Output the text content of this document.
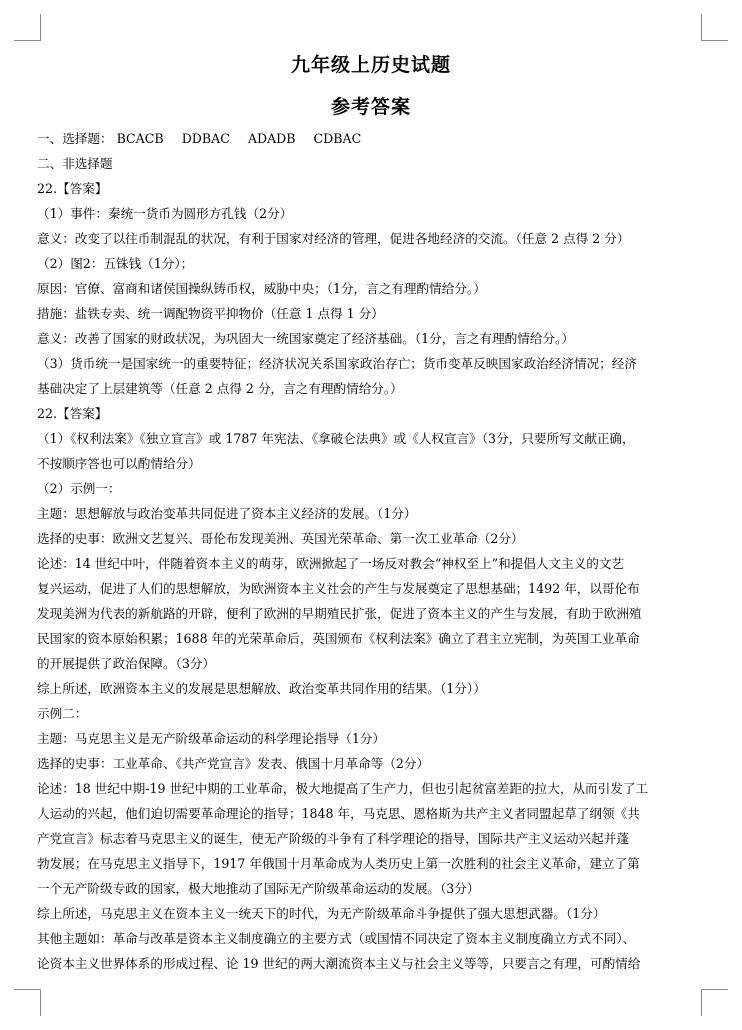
九年级上历史试题
参考答案
一、选择题： BCACB DDBAC ADADB CDBAC
二、非选择题
22.【答案】
（1）事件：秦统一货币为圆形方孔钱（2分）
意义：改变了以往币制混乱的状况，有利于国家对经济的管理，促进各地经济的交流。（任意 2 点得 2 分）
（2）图2：五铢钱（1分）；
原因：官僚、富商和诸侯国操纵铸币权，威胁中央；（1分，言之有理酌情给分。）
措施：盐铁专卖、统一调配物资平抑物价（任意 1 点得 1 分）
意义：改善了国家的财政状况，为巩固大一统国家奠定了经济基础。（1分，言之有理酌情给分。）
（3）货币统一是国家统一的重要特征；经济状况关系国家政治存亡；货币变革反映国家政治经济情况；经济
基础决定了上层建筑等（任意 2 点得 2 分，言之有理酌情给分。）
22.【答案】
（1）《权利法案》《独立宣言》或 1787 年宪法、《拿破仑法典》或《人权宣言》（3分，只要所写文献正确，
不按顺序答也可以酌情给分）
（2）示例一：
主题：思想解放与政治变革共同促进了资本主义经济的发展。（1分）
选择的史事：欧洲文艺复兴、哥伦布发现美洲、英国光荣革命、第一次工业革命（2分）
论述：14 世纪中叶，伴随着资本主义的萌芽，欧洲掀起了一场反对教会“神权至上”和提倡人文主义的文艺
复兴运动，促进了人们的思想解放，为欧洲资本主义社会的产生与发展奠定了思想基础；1492 年，以哥伦布
发现美洲为代表的新航路的开辟，便利了欧洲的早期殖民扩张，促进了资本主义的产生与发展，有助于欧洲殖
民国家的资本原始积累；1688 年的光荣革命后，英国颁布《权利法案》确立了君主立宪制，为英国工业革命
的开展提供了政治保障。（3分）
综上所述，欧洲资本主义的发展是思想解放、政治变革共同作用的结果。（1分））
示例二：
主题：马克思主义是无产阶级革命运动的科学理论指导（1分）
选择的史事：工业革命、《共产党宣言》发表、俄国十月革命等（2分）
论述：18 世纪中期-19 世纪中期的工业革命，极大地提高了生产力，但也引起贫富差距的拉大，从而引发了工
人运动的兴起，他们迫切需要革命理论的指导；1848 年，马克思、恩格斯为共产主义者同盟起草了纲领《共
产党宣言》标志着马克思主义的诞生，使无产阶级的斗争有了科学理论的指导，国际共产主义运动兴起并蓬
勃发展；在马克思主义指导下，1917 年俄国十月革命成为人类历史上第一次胜利的社会主义革命，建立了第
一个无产阶级专政的国家，极大地推动了国际无产阶级革命运动的发展。（3分）
综上所述，马克思主义在资本主义一统天下的时代，为无产阶级革命斗争提供了强大思想武器。（1分）
其他主题如：革命与改革是资本主义制度确立的主要方式（或国情不同决定了资本主义制度确立方式不同）、
论资本主义世界体系的形成过程、论 19 世纪的两大潮流资本主义与社会主义等等，只要言之有理，可酌情给
